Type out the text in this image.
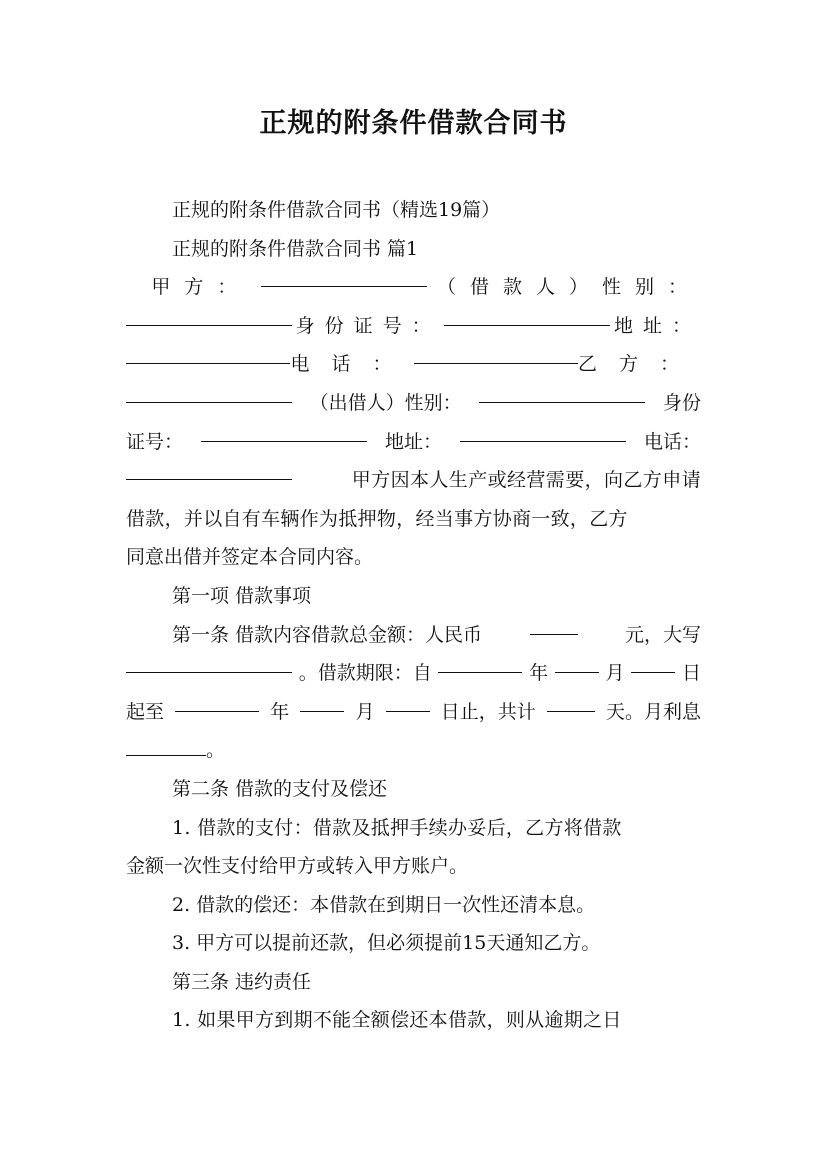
正规的附条件借款合同书
正规的附条件借款合同书（精选19篇）
正规的附条件借款合同书 篇1
甲方：	（借款人）性别：
身份证号：	地址：
电话：	乙方：
（出借人）性别：	身份
证号：	地址：	电话：
甲方因本人生产或经营需要，向乙方申请
借款，并以自有车辆作为抵押物，经当事方协商一致，乙方
同意出借并签定本合同内容。
第一项 借款事项
第一条 借款内容借款总金额：人民币	元，大写
。借款期限：自	年	月	日
起至	年	月	日止，共计	天。月利息
。
第二条 借款的支付及偿还
1. 借款的支付：借款及抵押手续办妥后，乙方将借款
金额一次性支付给甲方或转入甲方账户。
2. 借款的偿还：本借款在到期日一次性还清本息。
3. 甲方可以提前还款，但必须提前15天通知乙方。
第三条 违约责任
1. 如果甲方到期不能全额偿还本借款，则从逾期之日
